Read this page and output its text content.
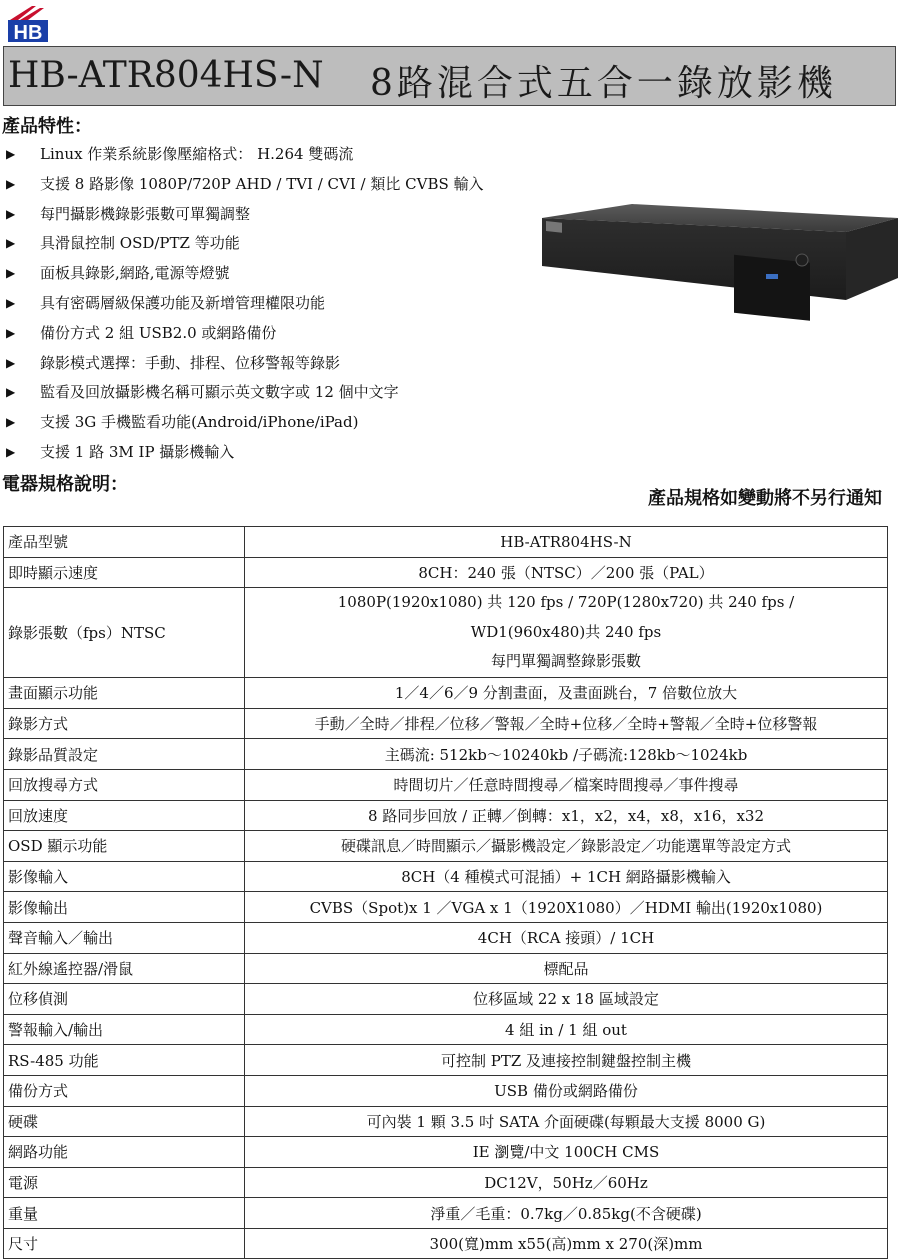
HB
HB-ATR804HS-N 8路混合式五合一錄放影機
產品特性：
▶ Linux 作業系統影像壓縮格式： H.264 雙碼流
▶ 支援 8 路影像 1080P/720P AHD / TVI / CVI / 類比 CVBS 輸入
▶ 每門攝影機錄影張數可單獨調整
▶ 具滑鼠控制 OSD/PTZ 等功能
▶ 面板具錄影,網路,電源等燈號
▶ 具有密碼層級保護功能及新增管理權限功能
▶ 備份方式 2 組 USB2.0 或網路備份
▶ 錄影模式選擇：手動、排程、位移警報等錄影
▶ 監看及回放攝影機名稱可顯示英文數字或 12 個中文字
▶ 支援 3G 手機監看功能(Android/iPhone/iPad)
▶ 支援 1 路 3M IP 攝影機輸入
電器規格說明：
產品規格如變動將不另行通知
產品型號	HB-ATR804HS-N
即時顯示速度	8CH：240 張（NTSC）／200 張（PAL）
錄影張數（fps）NTSC	1080P(1920x1080) 共 120 fps / 720P(1280x720) 共 240 fps /
WD1(960x480)共 240 fps
每門單獨調整錄影張數

畫面顯示功能	1／4／6／9 分割畫面，及畫面跳台，7 倍數位放大
錄影方式	手動／全時／排程／位移／警報／全時+位移／全時+警報／全時+位移警報
錄影品質設定	主碼流: 512kb～10240kb /子碼流:128kb～1024kb
回放搜尋方式	時間切片／任意時間搜尋／檔案時間搜尋／事件搜尋
回放速度	8 路同步回放 / 正轉／倒轉：x1，x2，x4，x8，x16，x32
OSD 顯示功能	硬碟訊息／時間顯示／攝影機設定／錄影設定／功能選單等設定方式
影像輸入	8CH（4 種模式可混插）+ 1CH 網路攝影機輸入
影像輸出	CVBS（Spot)x 1 ／VGA x 1（1920X1080）／HDMI 輸出(1920x1080)
聲音輸入／輸出	4CH（RCA 接頭）/ 1CH
紅外線遙控器/滑鼠	標配品
位移偵測	位移區域 22 x 18 區域設定
警報輸入/輸出	4 組 in / 1 組 out
RS-485 功能	可控制 PTZ 及連接控制鍵盤控制主機
備份方式	USB 備份或網路備份
硬碟	可內裝 1 顆 3.5 吋 SATA 介面硬碟(每顆最大支援 8000 G)
網路功能	IE 瀏覽/中文 100CH CMS
電源	DC12V，50Hz／60Hz
重量	淨重／毛重：0.7kg／0.85kg(不含硬碟)
尺寸	300(寬)mm x55(高)mm x 270(深)mm
